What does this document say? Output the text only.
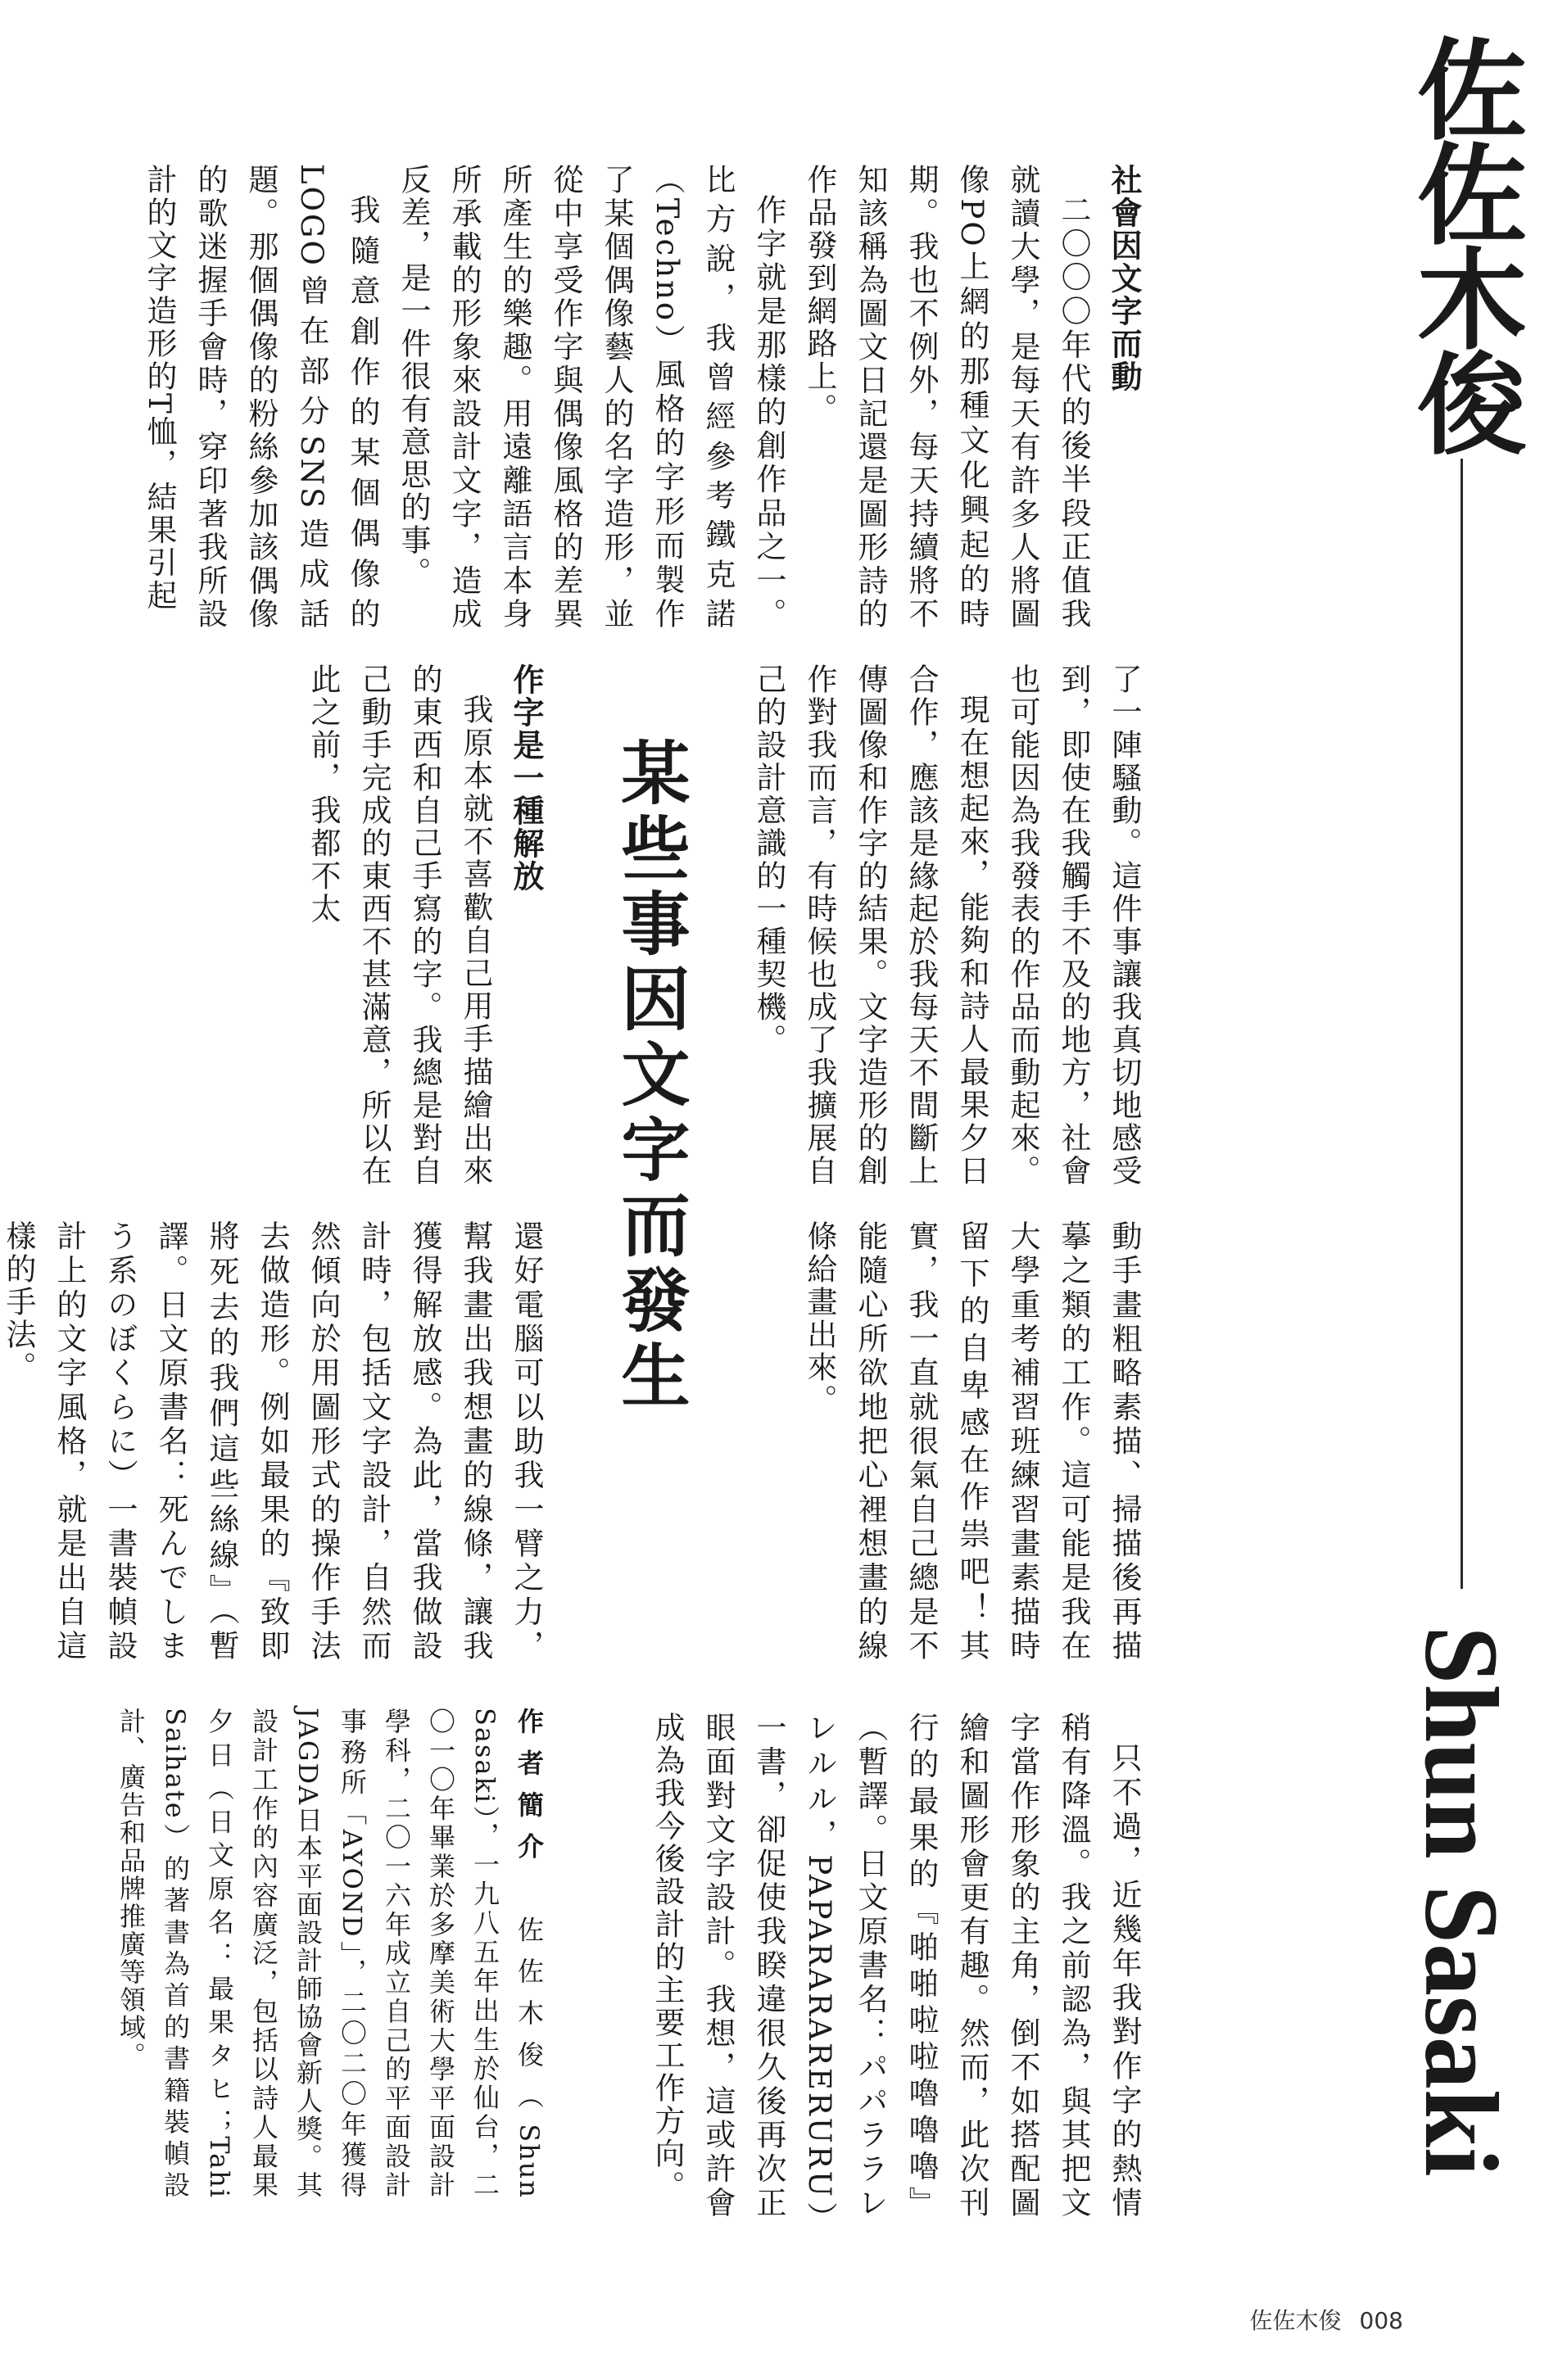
佐佐木俊
Shun Sasaki
社會因文字而動

二〇〇〇年代的後半段正值我就讀大學，是每天有許多人將圖像PO上網的那種文化興起的時期。我也不例外，每天持續將不知該稱為圖文日記還是圖形詩的作品發到網路上。

作字就是那樣的創作品之一。比方說，我曾經參考鐵克諾（Techno）風格的字形而製作了某個偶像藝人的名字造形，並從中享受作字與偶像風格的差異所產生的樂趣。用遠離語言本身所承載的形象來設計文字，造成反差，是一件很有意思的事。

我隨意創作的某個偶像的LOGO曾在部分SNS造成話題。那個偶像的粉絲參加該偶像的歌迷握手會時，穿印著我所設計的文字造形的T恤，結果引起

了一陣騷動。這件事讓我真切地感受到，即使在我觸手不及的地方，社會也可能因為我發表的作品而動起來。

現在想起來，能夠和詩人最果夕日合作，應該是緣起於我每天不間斷上傳圖像和作字的結果。文字造形的創作對我而言，有時候也成了我擴展自己的設計意識的一種契機。

動手畫粗略素描、掃描後再描摹之類的工作。這可能是我在大學重考補習班練習畫素描時留下的自卑感在作祟吧！其實，我一直就很氣自己總是不能隨心所欲地把心裡想畫的線條給畫出來。

只不過，近幾年我對作字的熱情稍有降溫。我之前認為，與其把文字當作形象的主角，倒不如搭配圖繪和圖形會更有趣。然而，此次刊行的最果的『啪啪啦啦嚕嚕嚕』（暫譯。日文原書名：パパララレレルル，PAPARARARERURU）一書，卻促使我睽違很久後再次正眼面對文字設計。我想，這或許會成為我今後設計的主要工作方向。

某些事因文字而發生
作字是一種解放

我原本就不喜歡自己用手描繪出來的東西和自己手寫的字。我總是對自己動手完成的東西不甚滿意，所以在此之前，我都不太

還好電腦可以助我一臂之力，幫我畫出我想畫的線條，讓我獲得解放感。為此，當我做設計時，包括文字設計，自然而然傾向於用圖形式的操作手法去做造形。例如最果的『致即將死去的我們這些絲線』（暫譯。日文原書名：死んでしまう系のぼくらに）一書裝幀設計上的文字風格，就是出自這樣的手法。

作者簡介　佐佐木俊（Shun Sasaki），一九八五年出生於仙台，二〇一〇年畢業於多摩美術大學平面設計學科，二〇一六年成立自己的平面設計事務所「AYOND」，二〇二〇年獲得JAGDA日本平面設計師協會新人獎。其設計工作的內容廣泛，包括以詩人最果夕日（日文原名：最果タヒ；Tahi Saihate）的著書為首的書籍裝幀設計、廣告和品牌推廣等領域。

佐佐木俊 008
